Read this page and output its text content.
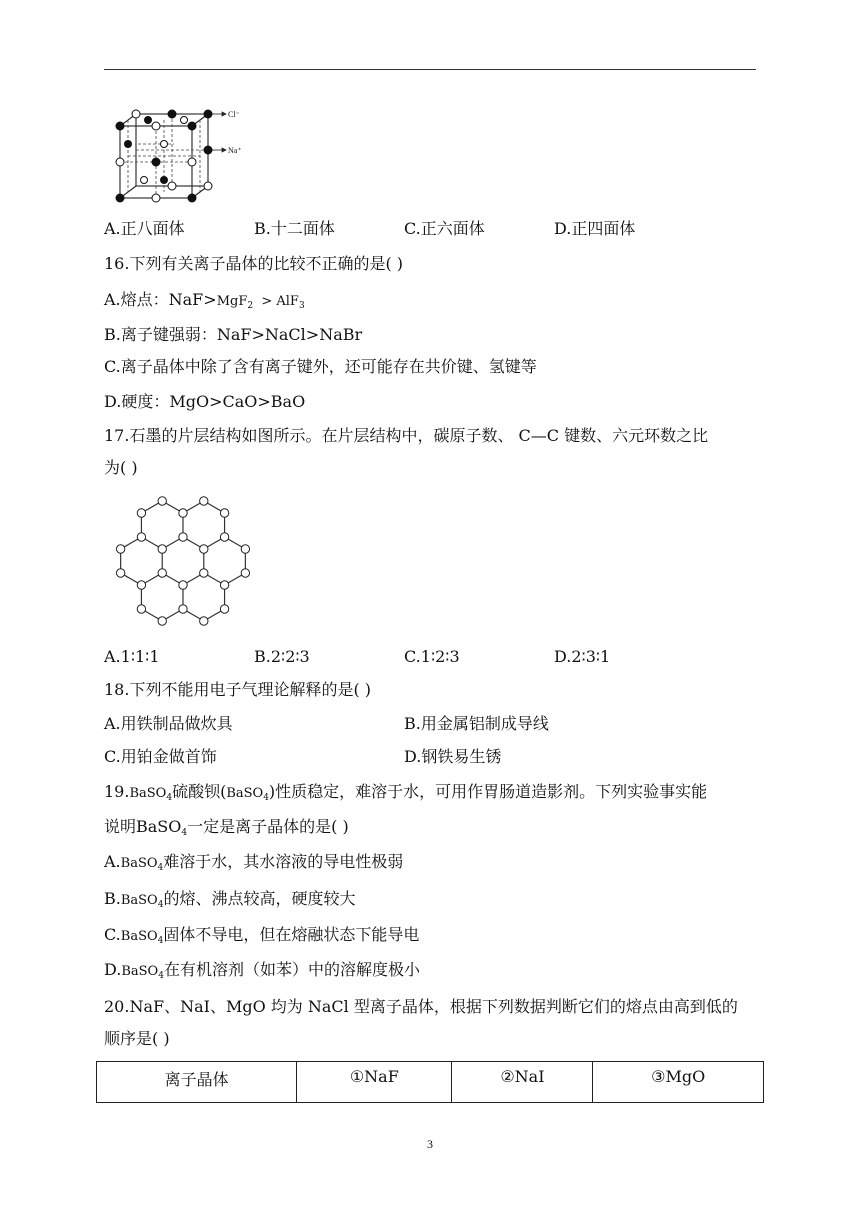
Cl⁻
Na⁺
A.正八面体	B.十二面体	C.正六面体	D.正四面体
16.下列有关离子晶体的比较不正确的是( )
A.熔点：NaF>MgF$_2$  > AlF$_3$
B.离子键强弱：NaF>NaCl>NaBr
C.离子晶体中除了含有离子键外，还可能存在共价键、氢键等
D.硬度：MgO>CaO>BaO
17.石墨的片层结构如图所示。在片层结构中，碳原子数、 C—C 键数、六元环数之比
为( )
A.1∶1∶1	B.2∶2∶3	C.1∶2∶3	D.2∶3∶1
18.下列不能用电子气理论解释的是( )
A.用铁制品做炊具	B.用金属铝制成导线
C.用铂金做首饰	D.钢铁易生锈
19.BaSO$_4$硫酸钡(BaSO$_4$)性质稳定，难溶于水，可用作胃肠道造影剂。下列实验事实能
说明BaSO$_4$一定是离子晶体的是( )
A.BaSO$_4$难溶于水，其水溶液的导电性极弱
B.BaSO$_4$的熔、沸点较高，硬度较大
C.BaSO$_4$固体不导电，但在熔融状态下能导电
D.BaSO$_4$在有机溶剂（如苯）中的溶解度极小
20.NaF、NaI、MgO 均为 NaCl 型离子晶体，根据下列数据判断它们的熔点由高到低的
顺序是( )
离子晶体	①NaF	②NaI	③MgO
3
